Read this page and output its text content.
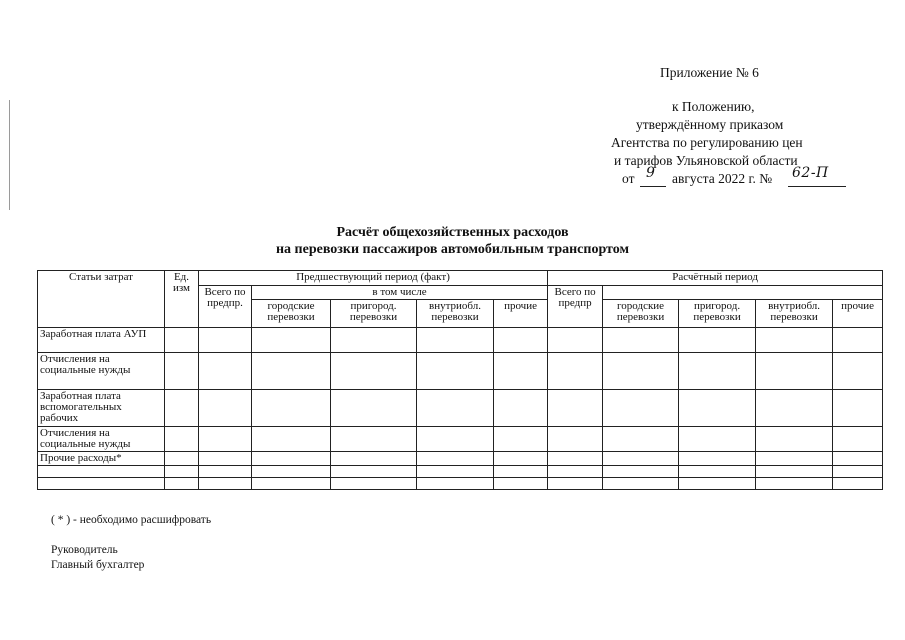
Приложение № 6
к Положению,
утверждённому приказом
Агентства по регулированию цен
и тарифов Ульяновской области
от 9 августа 2022 г. № 62-П
Расчёт общехозяйственных расходов
на перевозки пассажиров автомобильным транспортом
Статьи затрат	Ед. изм	Предшествующий период (факт)					Расчётный период				
		Всего по предпр.	в том числе				Всего по предпр				
			городские перевозки	пригород. перевозки	внутриобл. перевозки	прочие		городские перевозки	пригород. перевозки	внутриобл. перевозки	прочие
Заработная плата АУП											
Отчисления на социальные нужды											
Заработная плата вспомогательных рабочих											
Отчисления на социальные нужды											
Прочие расходы*											

( * ) - необходимо расшифровать
Руководитель
Главный бухгалтер
